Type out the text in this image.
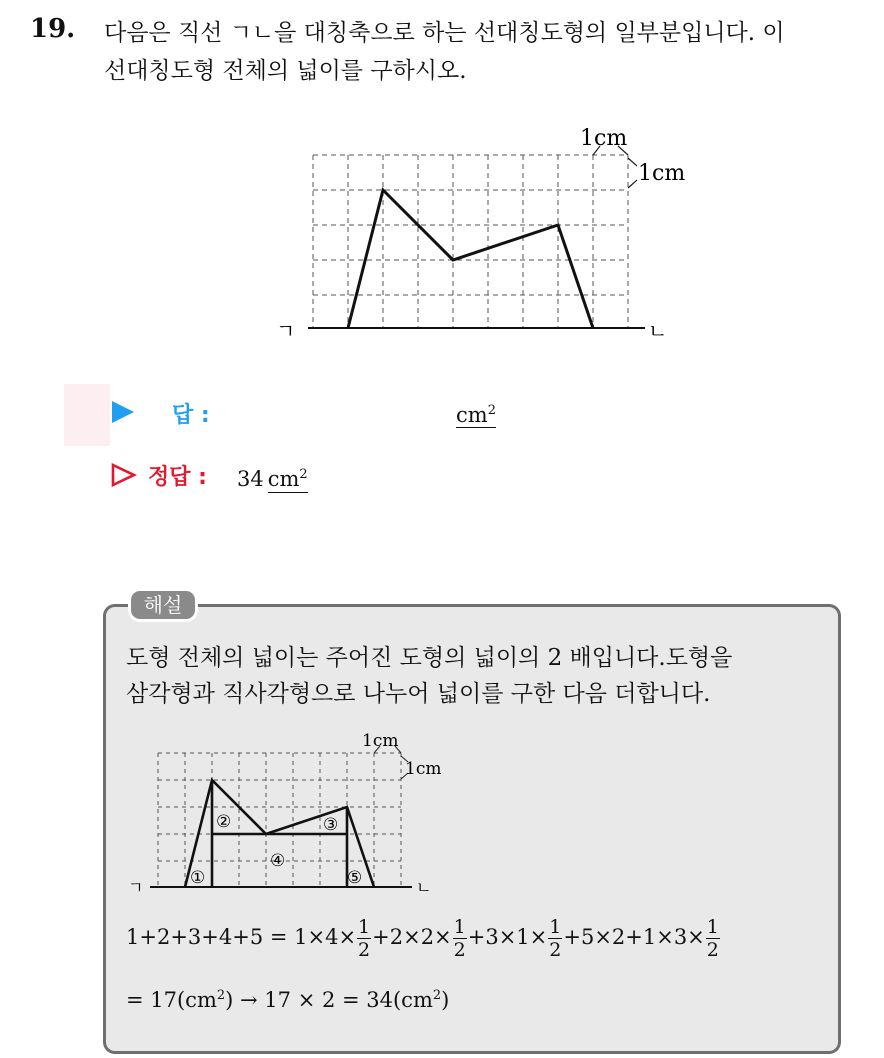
19. 다음은 직선 ㄱㄴ을 대칭축으로 하는 선대칭도형의 일부분입니다. 이
선대칭도형 전체의 넓이를 구하시오.
1cm
1cm
ㄱ	ㄴ
답 :	$cm^2$
정답 : 34 $cm^2$
해설
도형 전체의 넓이는 주어진 도형의 넓이의 2 배입니다.도형을
삼각형과 직사각형으로 나누어 넓이를 구한 다음 더합니다.
1cm
1cm
ㄱ	ㄴ
①
②	③
④
⑤
$1+2+3+4+5 = 1\times 4\times \frac{1}{2} +2\times 2\times \frac{1}{2} +3\times 1\times \frac{1}{2} +5\times 2+1\times 3\times \frac{1}{2}$
= $17(cm^2) \to 17 \times 2 = 34(cm^2)$
